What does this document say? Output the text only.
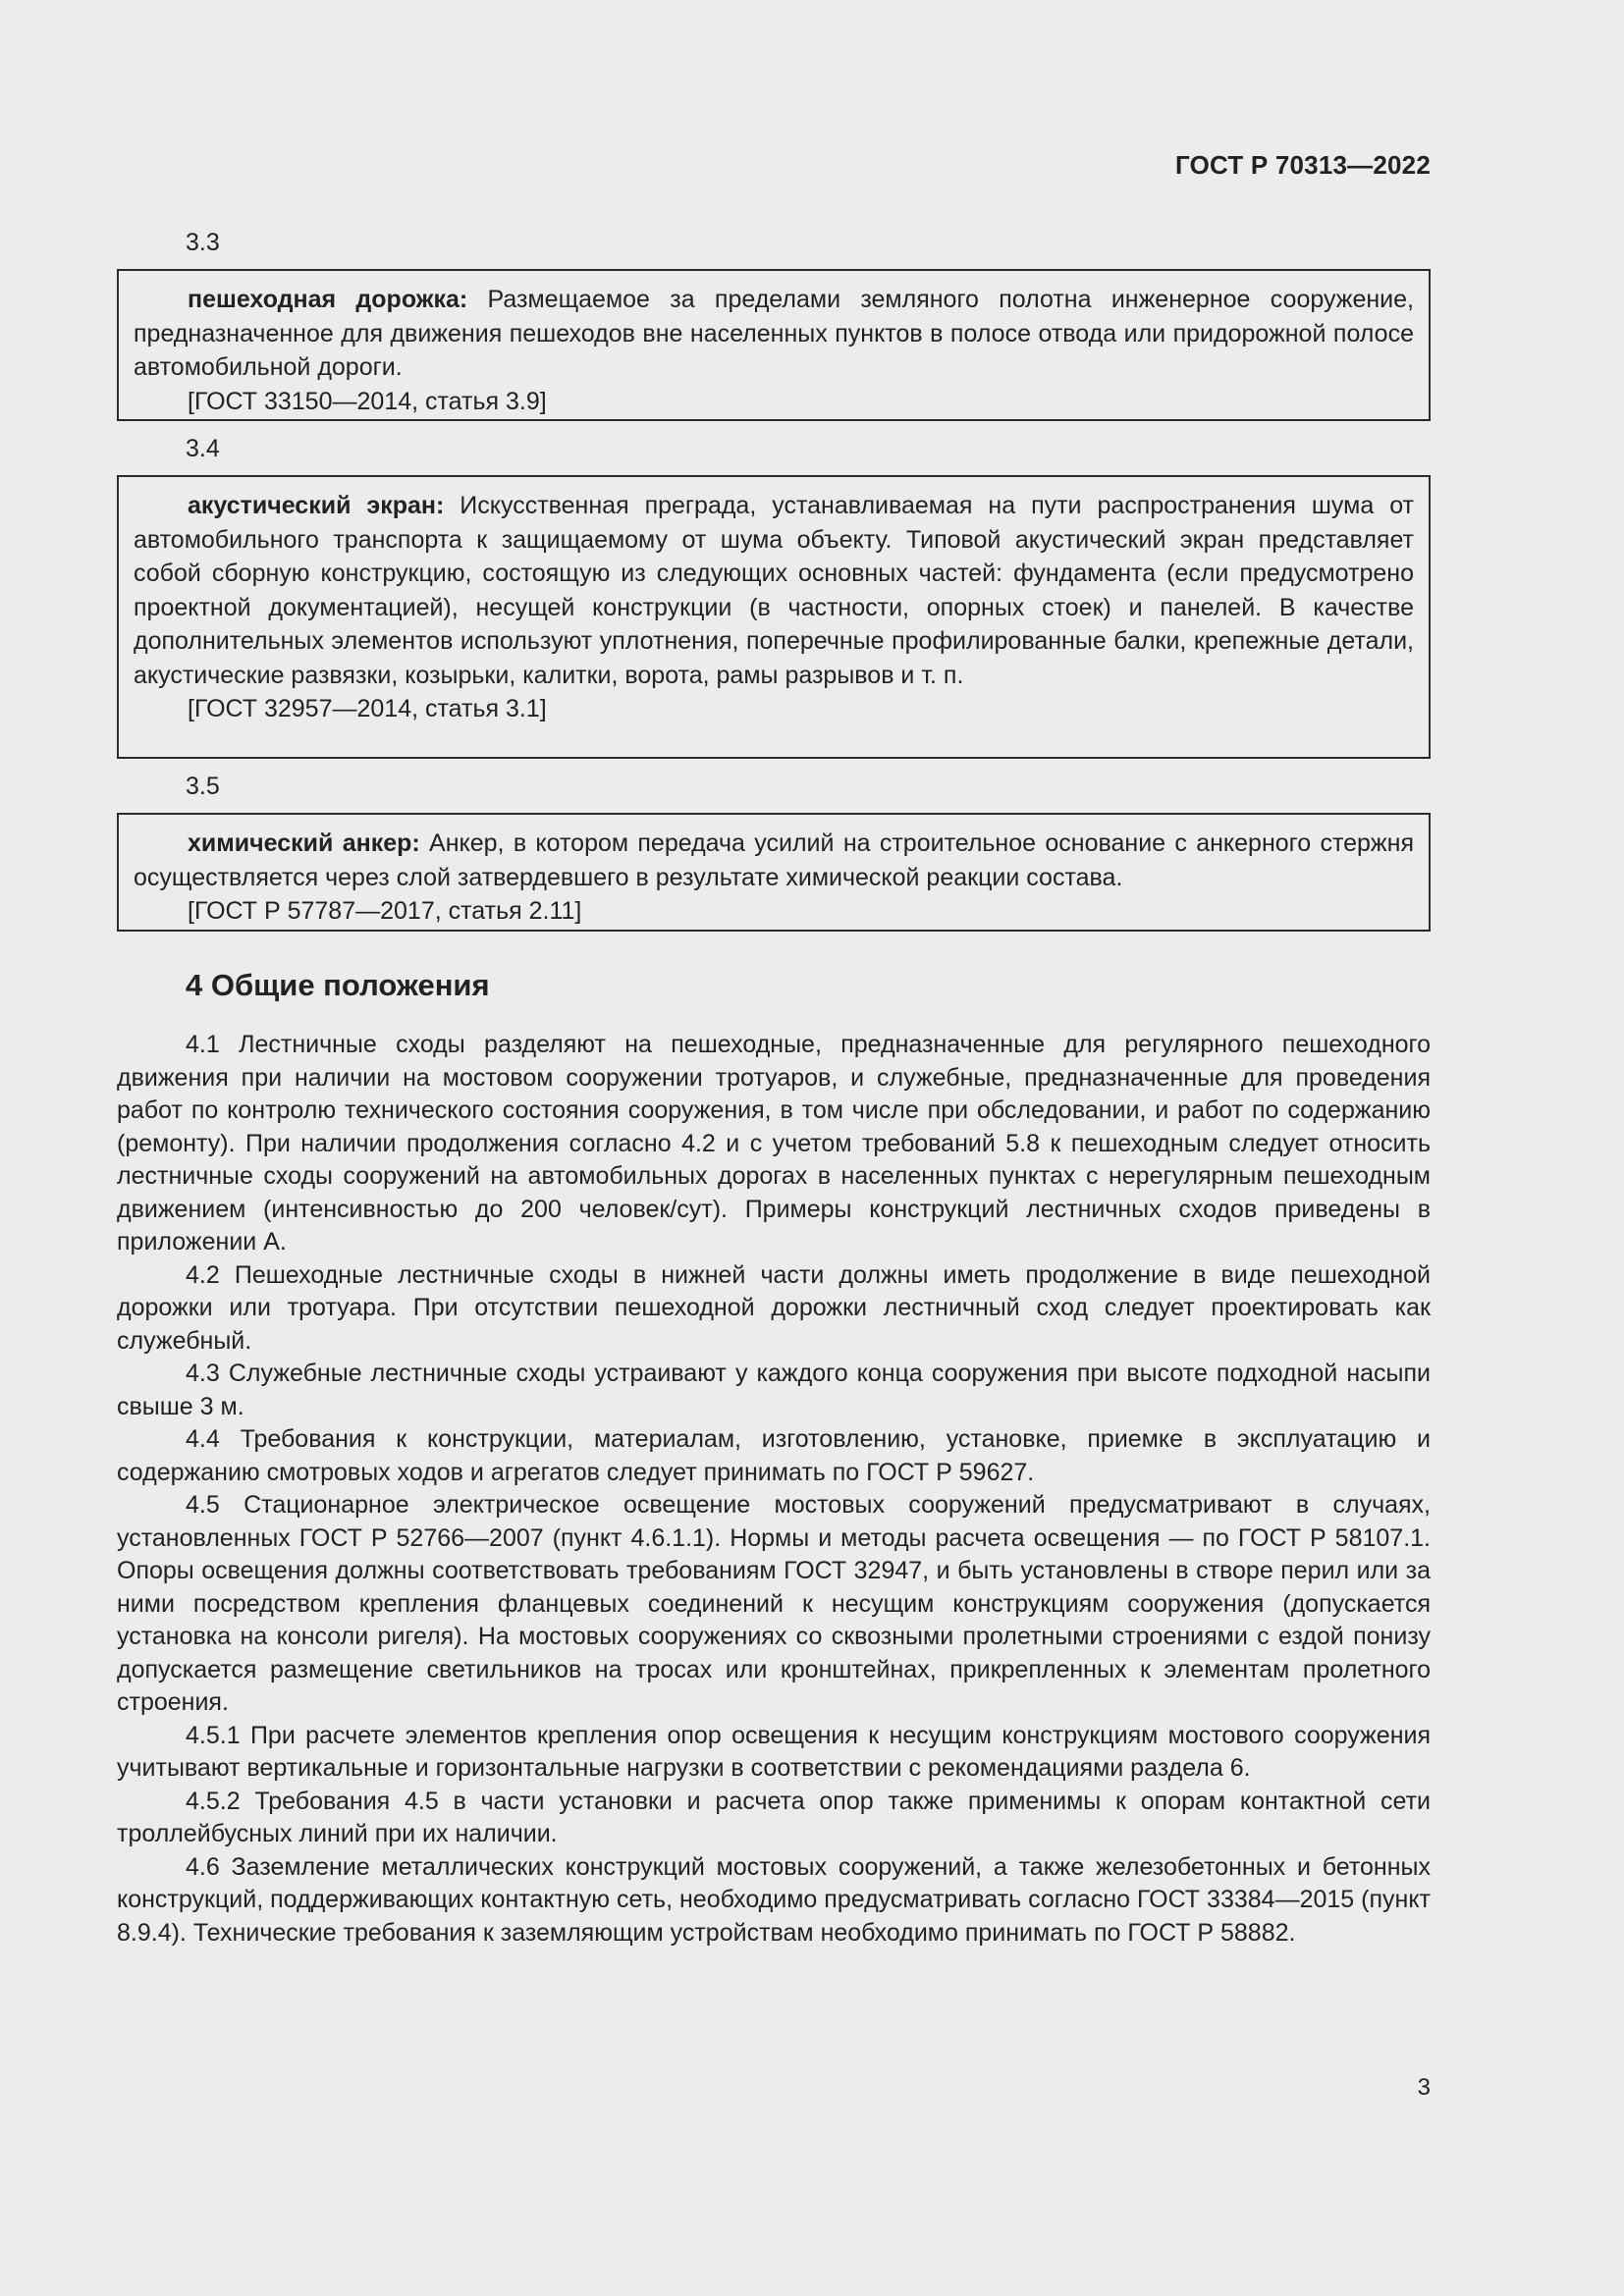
ГОСТ Р 70313—2022
3.3

пешеходная дорожка: Размещаемое за пределами земляного полотна инженерное сооружение, предназначенное для движения пешеходов вне населенных пунктов в полосе отвода или придорожной полосе автомобильной дороги.

[ГОСТ 33150—2014, статья 3.9]
3.4

акустический экран: Искусственная преграда, устанавливаемая на пути распространения шума от автомобильного транспорта к защищаемому от шума объекту. Типовой акустический экран представляет собой сборную конструкцию, состоящую из следующих основных частей: фундамента (если предусмотрено проектной документацией), несущей конструкции (в частности, опорных стоек) и панелей. В качестве дополнительных элементов используют уплотнения, поперечные профилированные балки, крепежные детали, акустические развязки, козырьки, калитки, ворота, рамы разрывов и т. п.

[ГОСТ 32957—2014, статья 3.1]
3.5

химический анкер: Анкер, в котором передача усилий на строительное основание с анкерного стержня осуществляется через слой затвердевшего в результате химической реакции состава.

[ГОСТ Р 57787—2017, статья 2.11]
4 Общие положения

4.1 Лестничные сходы разделяют на пешеходные, предназначенные для регулярного пешеходного движения при наличии на мостовом сооружении тротуаров, и служебные, предназначенные для проведения работ по контролю технического состояния сооружения, в том числе при обследовании, и работ по содержанию (ремонту). При наличии продолжения согласно 4.2 и с учетом требований 5.8 к пешеходным следует относить лестничные сходы сооружений на автомобильных дорогах в населенных пунктах с нерегулярным пешеходным движением (интенсивностью до 200 человек/сут). Примеры конструкций лестничных сходов приведены в приложении А.

4.2 Пешеходные лестничные сходы в нижней части должны иметь продолжение в виде пешеходной дорожки или тротуара. При отсутствии пешеходной дорожки лестничный сход следует проектировать как служебный.

4.3 Служебные лестничные сходы устраивают у каждого конца сооружения при высоте подходной насыпи свыше 3 м.

4.4 Требования к конструкции, материалам, изготовлению, установке, приемке в эксплуатацию и содержанию смотровых ходов и агрегатов следует принимать по ГОСТ Р 59627.

4.5 Стационарное электрическое освещение мостовых сооружений предусматривают в случаях, установленных ГОСТ Р 52766—2007 (пункт 4.6.1.1). Нормы и методы расчета освещения — по ГОСТ Р 58107.1. Опоры освещения должны соответствовать требованиям ГОСТ 32947, и быть установлены в створе перил или за ними посредством крепления фланцевых соединений к несущим конструкциям сооружения (допускается установка на консоли ригеля). На мостовых сооружениях со сквозными пролетными строениями с ездой понизу допускается размещение светильников на тросах или кронштейнах, прикрепленных к элементам пролетного строения.

4.5.1 При расчете элементов крепления опор освещения к несущим конструкциям мостового сооружения учитывают вертикальные и горизонтальные нагрузки в соответствии с рекомендациями раздела 6.

4.5.2 Требования 4.5 в части установки и расчета опор также применимы к опорам контактной сети троллейбусных линий при их наличии.

4.6 Заземление металлических конструкций мостовых сооружений, а также железобетонных и бетонных конструкций, поддерживающих контактную сеть, необходимо предусматривать согласно ГОСТ 33384—2015 (пункт 8.9.4). Технические требования к заземляющим устройствам необходимо принимать по ГОСТ Р 58882.

3
